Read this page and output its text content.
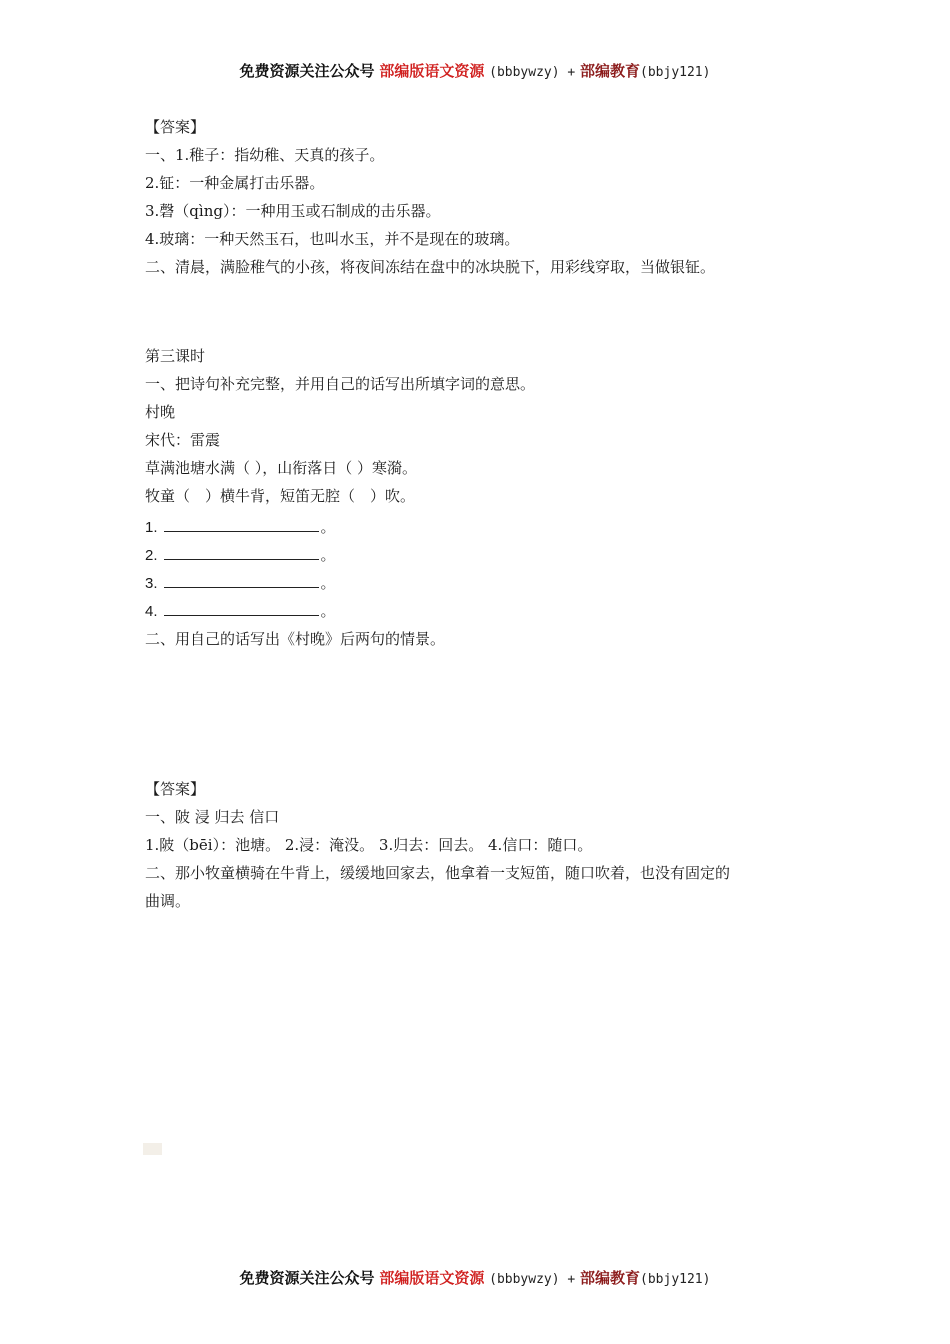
免费资源关注公众号 部编版语文资源 (bbbywzy) + 部编教育(bbjy121)
【答案】
一、1.稚子：指幼稚、天真的孩子。
2.钲：一种金属打击乐器。
3.磬（qìng）：一种用玉或石制成的击乐器。
4.玻璃：一种天然玉石，也叫水玉，并不是现在的玻璃。
二、清晨，满脸稚气的小孩，将夜间冻结在盘中的冰块脱下，用彩线穿取，当做银钲。
第三课时
一、把诗句补充完整，并用自己的话写出所填字词的意思。
村晚
宋代：雷震
草满池塘水满（ ），山衔落日（ ）寒漪。
牧童（　）横牛背，短笛无腔（　）吹。
1.	。
2.	。
3.	。
4.	。
二、用自己的话写出《村晚》后两句的情景。
【答案】
一、陂 浸 归去 信口
1.陂（bēi）：池塘。 2.浸：淹没。 3.归去：回去。 4.信口：随口。
二、那小牧童横骑在牛背上，缓缓地回家去，他拿着一支短笛，随口吹着，也没有固定的
曲调。
免费资源关注公众号 部编版语文资源 (bbbywzy) + 部编教育(bbjy121)
